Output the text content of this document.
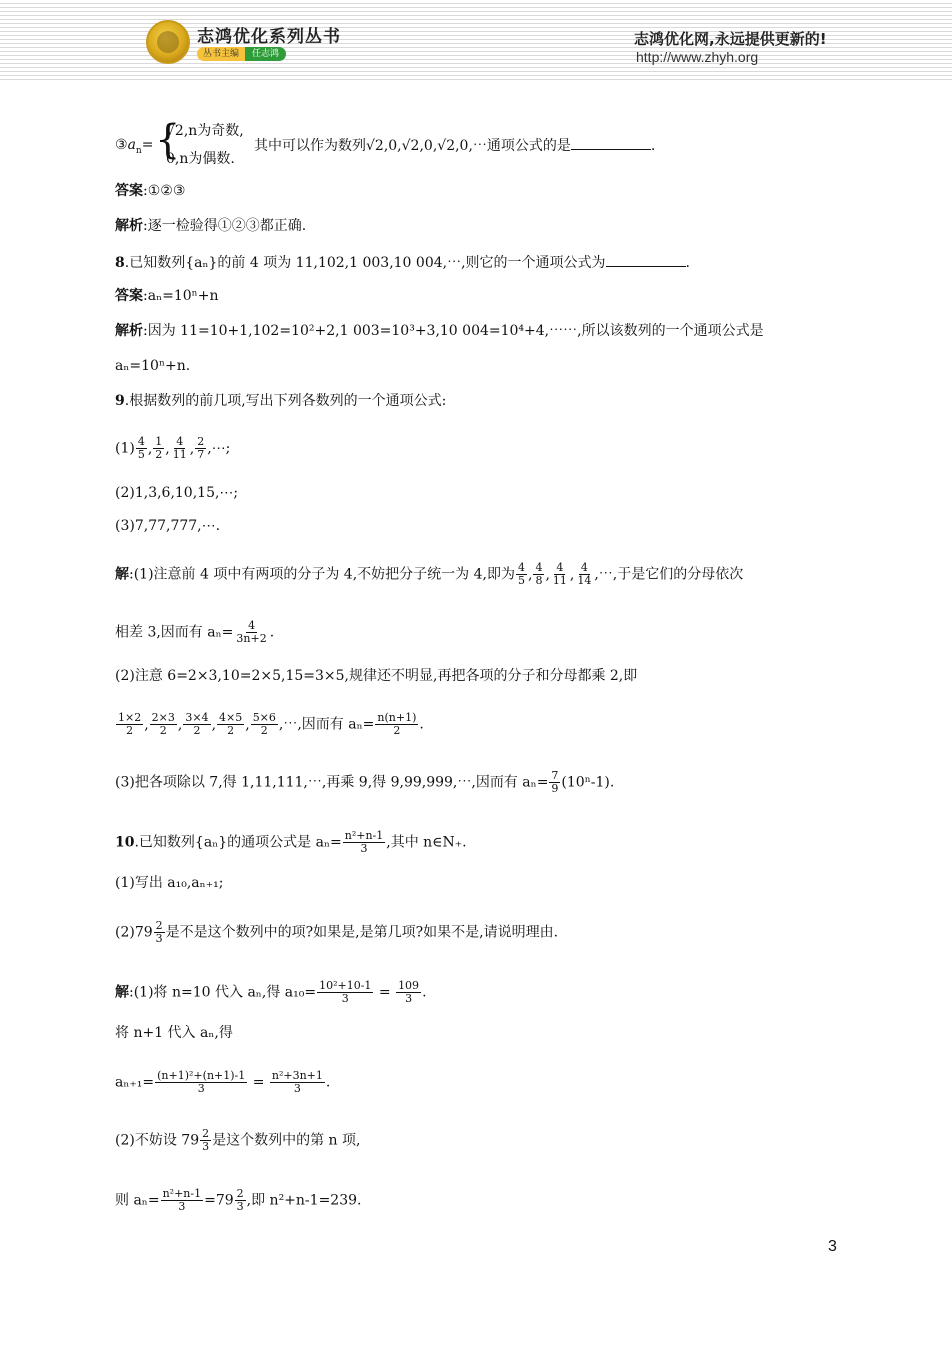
志鸿优化系列丛书
丛书主编	任志鸿
志鸿优化网,永远提供更新的!
http://www.zhyh.org
$③a_n=$ {
√2,n为奇数,
0,n为偶数.
其中可以作为数列√2,0,√2,0,√2,0,⋯通项公式的是	.
答案:①②③
解析:逐一检验得①②③都正确.
8.已知数列{aₙ}的前 4 项为 11,102,1 003,10 004,⋯,则它的一个通项公式为	.
答案:aₙ=10ⁿ+n
解析:因为 11=10+1,102=10²+2,1 003=10³+3,10 004=10⁴+4,⋯⋯,所以该数列的一个通项公式是
aₙ=10ⁿ+n.
9.根据数列的前几项,写出下列各数列的一个通项公式:
$(1) \frac{4}{5}$ , $\frac{1}{2}$ , $\frac{4}{11}$ , $\frac{2}{7}$ ,⋯;
(2)1,3,6,10,15,⋯;
(3)7,77,777,⋯.
解:(1)注意前 4 项中有两项的分子为 4,不妨把分子统一为 4,即为 $\frac{4}{5}$ , $\frac{4}{8}$ , $\frac{4}{11}$ , $\frac{4}{14}$ ,⋯,于是它们的分母依次
相差 3,因而有 $a_n= \frac{4}{3n+2}$ .
(2)注意 6=2×3,10=2×5,15=3×5,规律还不明显,再把各项的分子和分母都乘 2,即
$\frac{1\times 2}{2}$ , $\frac{2\times 3}{2}$ , $\frac{3\times 4}{2}$ , $\frac{4\times 5}{2}$ , $\frac{5\times 6}{2}$ ,⋯,因而有 $a_n= \frac{n(n+1)}{2}$ .
(3)把各项除以 7,得 1,11,111,⋯,再乘 9,得 9,99,999,⋯,因而有 $a_n= \frac{7}{9} (10^n-1)$.
10.已知数列{aₙ}的通项公式是 $a_n= \frac{\text{n²+n-1}}{3}$ ,其中 n∈N₊.
(1)写出 a₁₀,aₙ₊₁;
$(2)79 \frac{2}{3}$ 是不是这个数列中的项?如果是,是第几项?如果不是,请说明理由.
解:(1)将 n=10 代入 aₙ,得 $a_{10}= \frac{\text{10²+10-1}}{3} = \frac{109}{3}$ .
将 n+1 代入 aₙ,得
$a_{n+1}= \frac{\text{(n+1)²+(n+1)-1}}{3} = \frac{\text{n²+3n+1}}{3}$ .
(2)不妨设 $79 \frac{2}{3}$ 是这个数列中的第 n 项,
则 $a_n= \frac{\text{n²+n-1}}{3} =79 \frac{2}{3}$ ,即 n²+n-1=239.
3
